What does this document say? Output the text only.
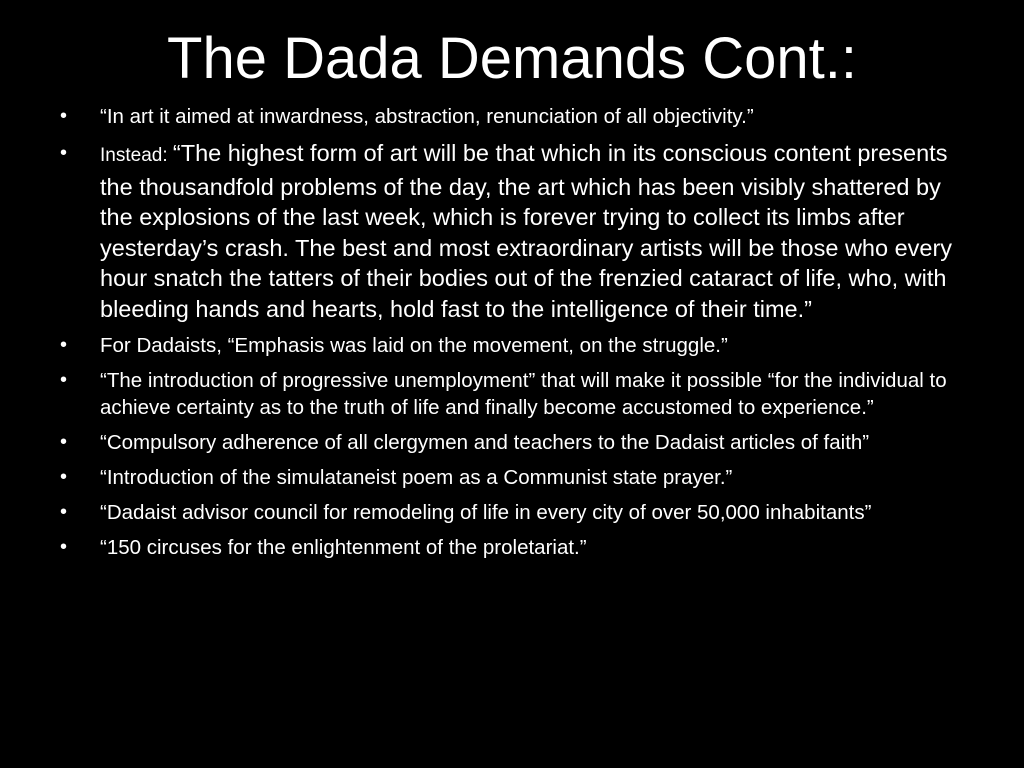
The Dada Demands Cont.:
• “In art it aimed at inwardness, abstraction, renunciation of all objectivity.”
• Instead: “The highest form of art will be that which in its conscious content presents the thousandfold problems of the day, the art which has been visibly shattered by the explosions of the last week, which is forever trying to collect its limbs after yesterday’s crash. The best and most extraordinary artists will be those who every hour snatch the tatters of their bodies out of the frenzied cataract of life, who, with bleeding hands and hearts, hold fast to the intelligence of their time.”
• For Dadaists, “Emphasis was laid on the movement, on the struggle.”
• “The introduction of progressive unemployment” that will make it possible “for the individual to achieve certainty as to the truth of life and finally become accustomed to experience.”
• “Compulsory adherence of all clergymen and teachers to the Dadaist articles of faith”
• “Introduction of the simulataneist poem as a Communist state prayer.”
• “Dadaist advisor council for remodeling of life in every city of over 50,000 inhabitants”
• “150 circuses for the enlightenment of the proletariat.”
